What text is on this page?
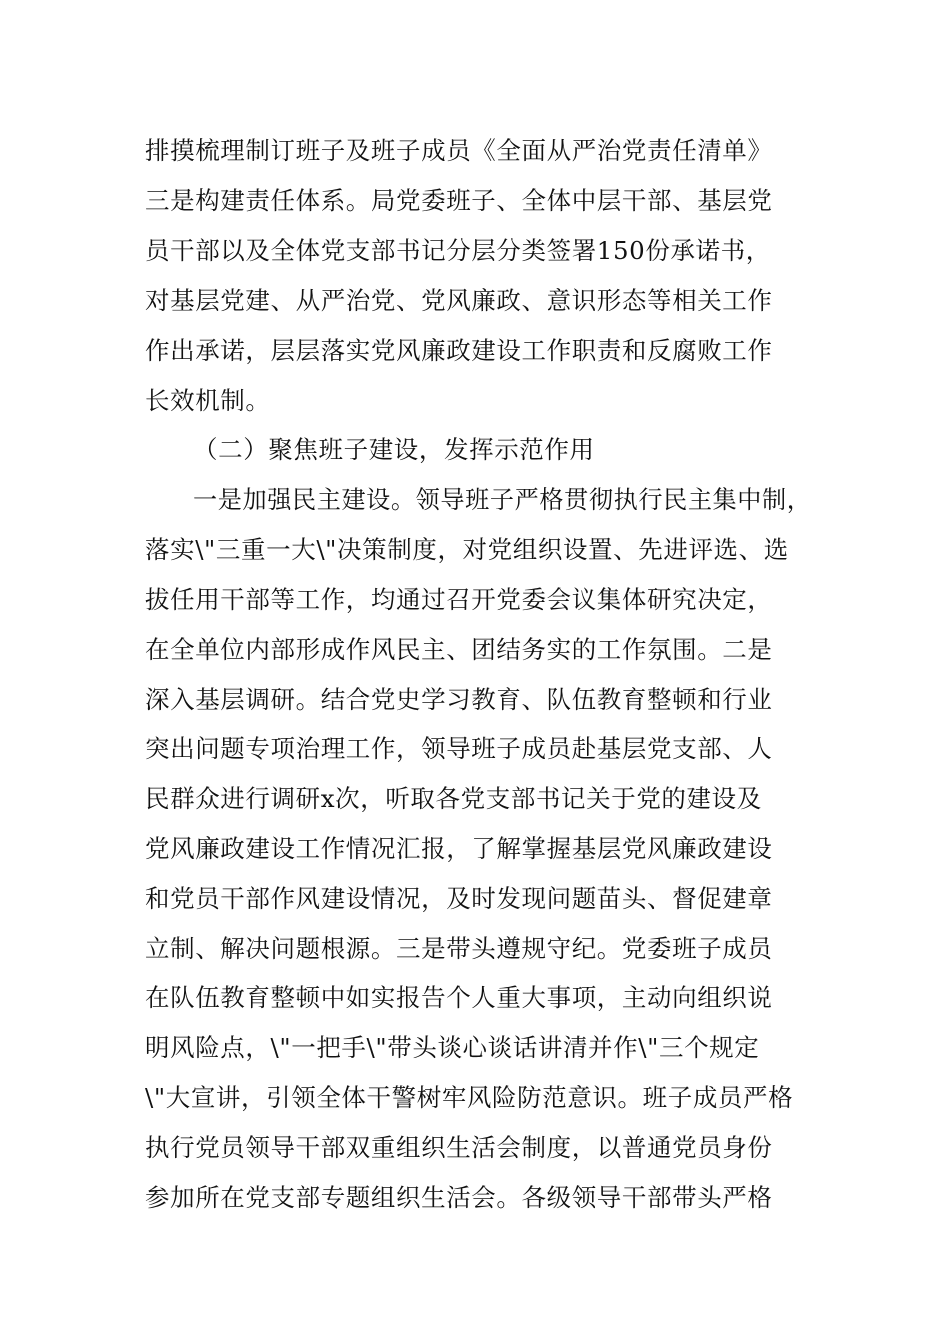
排摸梳理制订班子及班子成员《全面从严治党责任清单》
三是构建责任体系。局党委班子、全体中层干部、基层党
员干部以及全体党支部书记分层分类签署150份承诺书，
对基层党建、从严治党、党风廉政、意识形态等相关工作
作出承诺，层层落实党风廉政建设工作职责和反腐败工作
长效机制。
（二）聚焦班子建设，发挥示范作用
一是加强民主建设。领导班子严格贯彻执行民主集中制，
落实\"三重一大\"决策制度，对党组织设置、先进评选、选
拔任用干部等工作，均通过召开党委会议集体研究决定，
在全单位内部形成作风民主、团结务实的工作氛围。二是
深入基层调研。结合党史学习教育、队伍教育整顿和行业
突出问题专项治理工作，领导班子成员赴基层党支部、人
民群众进行调研x次，听取各党支部书记关于党的建设及
党风廉政建设工作情况汇报，了解掌握基层党风廉政建设
和党员干部作风建设情况，及时发现问题苗头、督促建章
立制、解决问题根源。三是带头遵规守纪。党委班子成员
在队伍教育整顿中如实报告个人重大事项，主动向组织说
明风险点，\"一把手\"带头谈心谈话讲清并作\"三个规定
\"大宣讲，引领全体干警树牢风险防范意识。班子成员严格
执行党员领导干部双重组织生活会制度，以普通党员身份
参加所在党支部专题组织生活会。各级领导干部带头严格
